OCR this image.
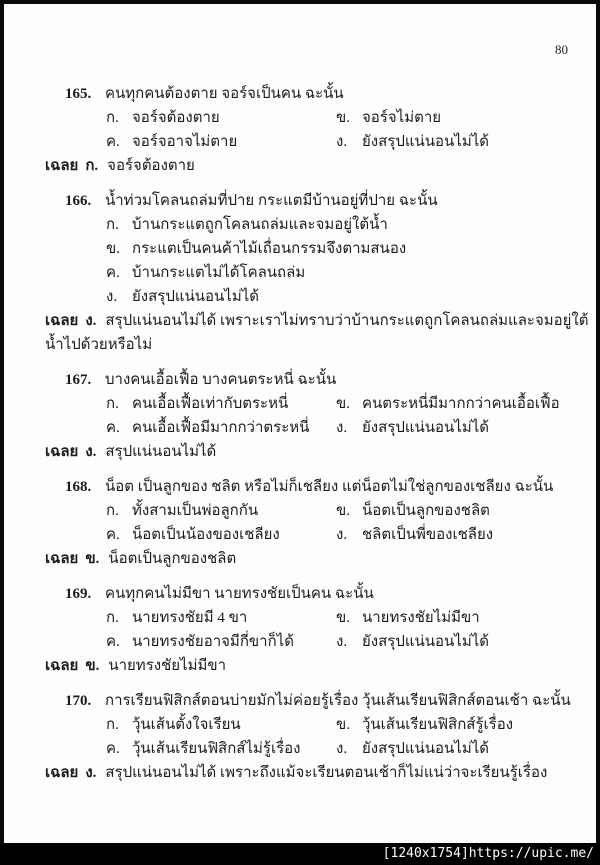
80
165. คนทุกคนต้องตาย จอร์จเป็นคน ฉะนั้น
ก. จอร์จต้องตาย	ข. จอร์จไม่ตาย
ค. จอร์จอาจไม่ตาย	ง. ยังสรุปแน่นอนไม่ได้
เฉลย ก. จอร์จต้องตาย
166. น้ำท่วมโคลนถล่มที่ปาย กระแตมีบ้านอยู่ที่ปาย ฉะนั้น
ก. บ้านกระแตถูกโคลนถล่มและจมอยู่ใต้น้ำ
ข. กระแตเป็นคนค้าไม้เถื่อนกรรมจึงตามสนอง
ค. บ้านกระแตไม่ได้โคลนถล่ม
ง. ยังสรุปแน่นอนไม่ได้
เฉลย ง. สรุปแน่นอนไม่ได้ เพราะเราไม่ทราบว่าบ้านกระแตถูกโคลนถล่มและจมอยู่ใต้น้ำไปด้วยหรือไม่
167. บางคนเอื้อเฟื้อ บางคนตระหนี่ ฉะนั้น
ก. คนเอื้อเฟื้อเท่ากับตระหนี่	ข. คนตระหนี่มีมากกว่าคนเอื้อเฟื้อ
ค. คนเอื้อเฟื้อมีมากกว่าตระหนี่	ง. ยังสรุปแน่นอนไม่ได้
เฉลย ง. สรุปแน่นอนไม่ได้
168. น็อต เป็นลูกของ ชลิต หรือไม่ก็เชลียง แต่น็อตไม่ใช่ลูกของเชลียง ฉะนั้น
ก. ทั้งสามเป็นพ่อลูกกัน	ข. น็อตเป็นลูกของชลิต
ค. น็อตเป็นน้องของเชลียง	ง. ชลิตเป็นพี่ของเชลียง
เฉลย ข. น็อตเป็นลูกของชลิต
169. คนทุกคนไม่มีขา นายทรงชัยเป็นคน ฉะนั้น
ก. นายทรงชัยมี 4 ขา	ข. นายทรงชัยไม่มีขา
ค. นายทรงชัยอาจมีกี่ขาก็ได้	ง. ยังสรุปแน่นอนไม่ได้
เฉลย ข. นายทรงชัยไม่มีขา
170. การเรียนฟิสิกส์ตอนบ่ายมักไม่ค่อยรู้เรื่อง วุ้นเส้นเรียนฟิสิกส์ตอนเช้า ฉะนั้น
ก. วุ้นเส้นตั้งใจเรียน	ข. วุ้นเส้นเรียนฟิสิกส์รู้เรื่อง
ค. วุ้นเส้นเรียนฟิสิกส์ไม่รู้เรื่อง	ง. ยังสรุปแน่นอนไม่ได้
เฉลย ง. สรุปแน่นอนไม่ได้ เพราะถึงแม้จะเรียนตอนเช้าก็ไม่แน่ว่าจะเรียนรู้เรื่อง
[1240x1754]https://upic.me/
